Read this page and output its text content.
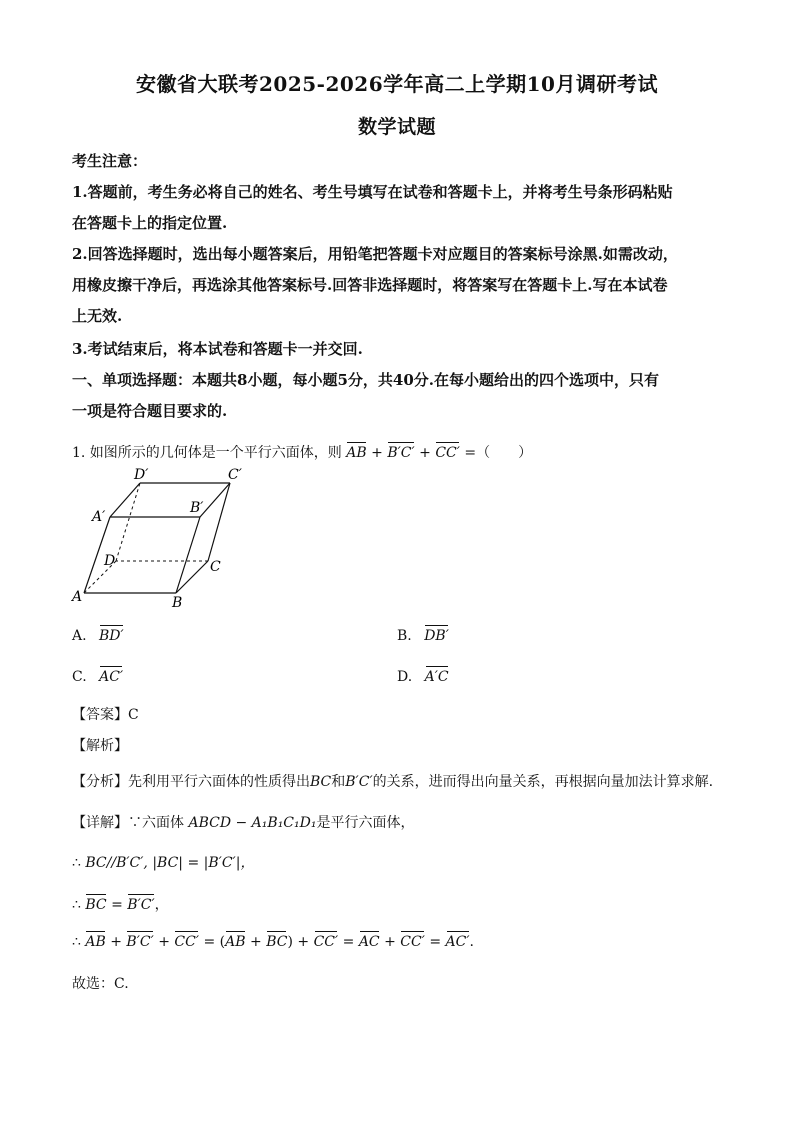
安徽省大联考2025-2026学年高二上学期10月调研考试
数学试题
考生注意：
1.答题前，考生务必将自己的姓名、考生号填写在试卷和答题卡上，并将考生号条形码粘贴
在答题卡上的指定位置.
2.回答选择题时，选出每小题答案后，用铅笔把答题卡对应题目的答案标号涂黑.如需改动，
用橡皮擦干净后，再选涂其他答案标号.回答非选择题时，将答案写在答题卡上.写在本试卷
上无效.
3.考试结束后，将本试卷和答题卡一并交回.
一、单项选择题：本题共8小题，每小题5分，共40分.在每小题给出的四个选项中，只有
一项是符合题目要求的.
1. 如图所示的几何体是一个平行六面体，则 AB + B′C′ + CC′ =（　　）
A	B
C
D
A′
B′
C′
D′
A. BD′	B. DB′
C. AC′	D. A′C
【答案】C
【解析】
【分析】先利用平行六面体的性质得出BC和B′C′的关系，进而得出向量关系，再根据向量加法计算求解.
【详解】∵六面体 ABCD − A₁B₁C₁D₁是平行六面体，
∴ BC//B′C′, |BC| = |B′C′|，
∴ BC = B′C′，
∴ AB + B′C′ + CC′ = (AB + BC) + CC′ = AC + CC′ = AC′.
故选：C.
